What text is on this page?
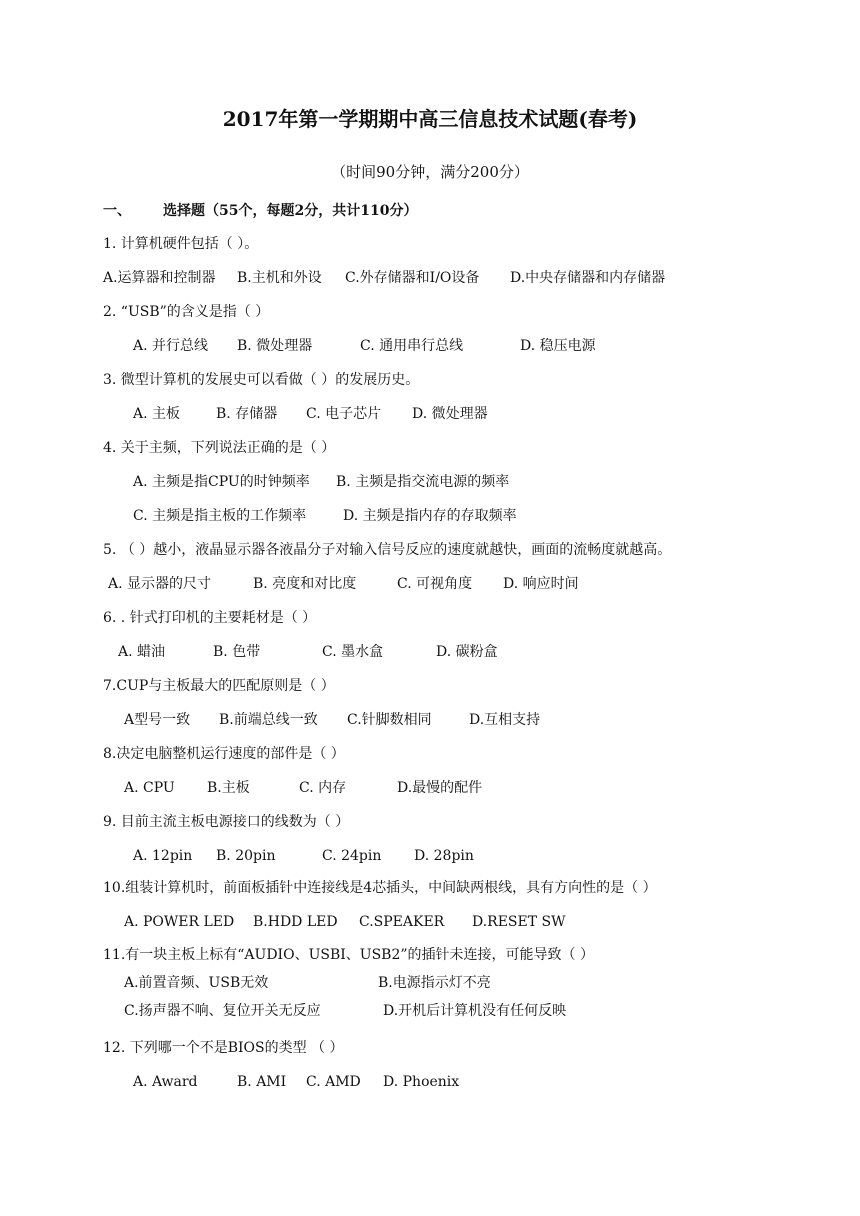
2017年第一学期期中高三信息技术试题(春考)
（时间90分钟，满分200分）
一、 选择题（55个，每题2分，共计110分）
1. 计算机硬件包括（ ）。
A.运算器和控制器 B.主机和外设 C.外存储器和I/O设备 D.中央存储器和内存储器
2. “USB”的含义是指（ ）
A. 并行总线 B. 微处理器	C. 通用串行总线	D. 稳压电源
3. 微型计算机的发展史可以看做（ ）的发展历史。
A. 主板	B. 存储器 C. 电子芯片 D. 微处理器
4. 关于主频，下列说法正确的是（ ）
A. 主频是指CPU的时钟频率 B. 主频是指交流电源的频率
C. 主频是指主板的工作频率	D. 主频是指内存的存取频率
5. （ ）越小，液晶显示器各液晶分子对输入信号反应的速度就越快，画面的流畅度就越高。
A. 显示器的尺寸	B. 亮度和对比度	C. 可视角度 D. 响应时间
6. . 针式打印机的主要耗材是（ ）
A. 蜡油	B. 色带	C. 墨水盒	D. 碳粉盒
7.CUP与主板最大的匹配原则是（ ）
A型号一致 B.前端总线一致 C.针脚数相同	D.互相支持
8.决定电脑整机运行速度的部件是（ ）
A. CPU B.主板	C. 内存	D.最慢的配件
9. 目前主流主板电源接口的线数为（ ）
A. 12pin B. 20pin	C. 24pin D. 28pin
10.组装计算机时，前面板插针中连接线是4芯插头，中间缺两根线，具有方向性的是（ ）
A. POWER LED B.HDD LED C.SPEAKER D.RESET SW
11.有一块主板上标有“AUDIO、USBI、USB2”的插针未连接，可能导致（ ）
A.前置音频、USB无效	B.电源指示灯不亮
C.扬声器不响、复位开关无反应	D.开机后计算机没有任何反映
12. 下列哪一个不是BIOS的类型 （ ）
A. Award	B. AMI C. AMD D. Phoenix
